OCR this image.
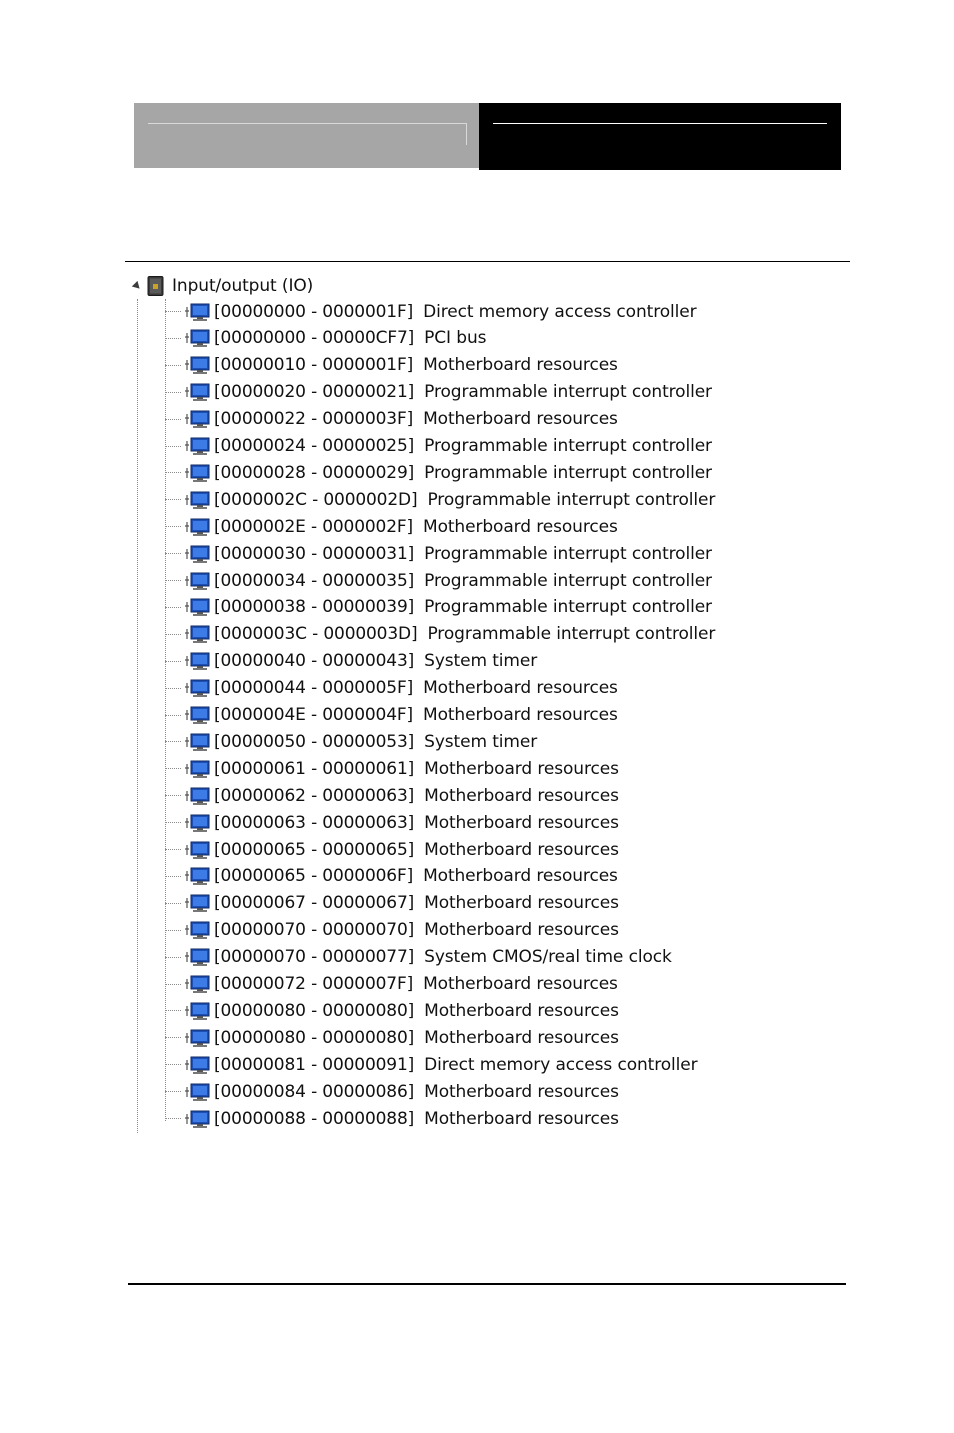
Input/output (IO)
[00000000 - 0000001F] Direct memory access controller
[00000000 - 00000CF7] PCI bus
[00000010 - 0000001F] Motherboard resources
[00000020 - 00000021] Programmable interrupt controller
[00000022 - 0000003F] Motherboard resources
[00000024 - 00000025] Programmable interrupt controller
[00000028 - 00000029] Programmable interrupt controller
[0000002C - 0000002D] Programmable interrupt controller
[0000002E - 0000002F] Motherboard resources
[00000030 - 00000031] Programmable interrupt controller
[00000034 - 00000035] Programmable interrupt controller
[00000038 - 00000039] Programmable interrupt controller
[0000003C - 0000003D] Programmable interrupt controller
[00000040 - 00000043] System timer
[00000044 - 0000005F] Motherboard resources
[0000004E - 0000004F] Motherboard resources
[00000050 - 00000053] System timer
[00000061 - 00000061] Motherboard resources
[00000062 - 00000063] Motherboard resources
[00000063 - 00000063] Motherboard resources
[00000065 - 00000065] Motherboard resources
[00000065 - 0000006F] Motherboard resources
[00000067 - 00000067] Motherboard resources
[00000070 - 00000070] Motherboard resources
[00000070 - 00000077] System CMOS/real time clock
[00000072 - 0000007F] Motherboard resources
[00000080 - 00000080] Motherboard resources
[00000080 - 00000080] Motherboard resources
[00000081 - 00000091] Direct memory access controller
[00000084 - 00000086] Motherboard resources
[00000088 - 00000088] Motherboard resources
